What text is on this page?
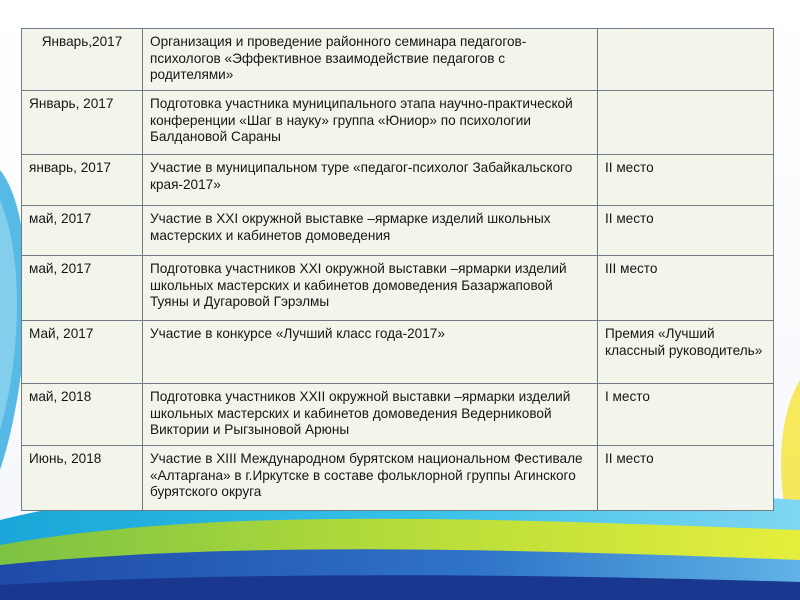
Январь,2017	Организация и проведение районного семинара педагогов-психологов «Эффективное взаимодействие педагогов с родителями»	
Январь, 2017	Подготовка участника муниципального этапа научно-практической конференции «Шаг в науку» группа «Юниор» по психологии Балдановой Сараны	
январь, 2017	Участие в муниципальном туре «педагог-психолог Забайкальского края-2017»	II место
май, 2017	Участие в XXI окружной выставке –ярмарке изделий школьных мастерских и кабинетов домоведения	II место
май, 2017	Подготовка участников XXI окружной выставки –ярмарки изделий школьных мастерских и кабинетов домоведения Базаржаповой Туяны и Дугаровой Гэрэлмы	III место
Май, 2017	Участие в конкурсе «Лучший класс года-2017»	Премия «Лучший классный руководитель»
май, 2018	Подготовка участников XXII окружной выставки –ярмарки изделий школьных мастерских и кабинетов домоведения Ведерниковой Виктории и Рыгзыновой Арюны	I место
Июнь, 2018	Участие в XIII Международном бурятском национальном Фестивале «Алтаргана» в г.Иркутске в составе фольклорной группы Агинского бурятского округа	II место
